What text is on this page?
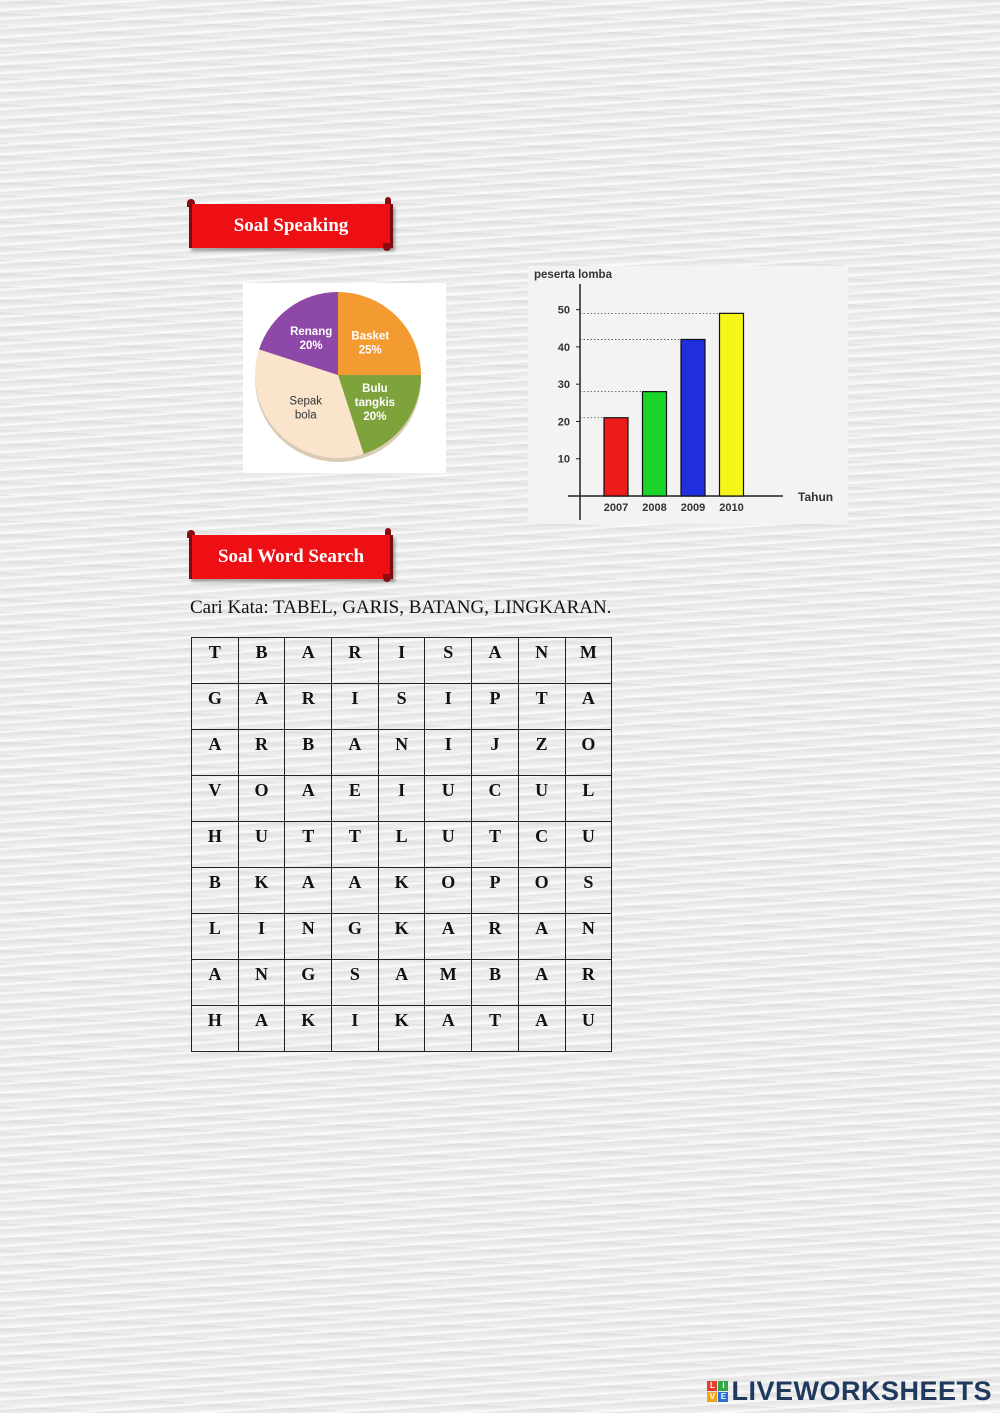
Soal Speaking
Basket
25%
Bulu
tangkis
20%
Sepak
bola
Renang
20%
peserta lomba
Tahun
10
20
30
40
50
2007 2008 2009 2010
Soal Word Search
Cari Kata: TABEL, GARIS, BATANG, LINGKARAN.
T	B	A	R	I	S	A	N	M
G	A	R	I	S	I	P	T	A
A	R	B	A	N	I	J	Z	O
V	O	A	E	I	U	C	U	L
H	U	T	T	L	U	T	C	U
B	K	A	A	K	O	P	O	S
L	I	N	G	K	A	R	A	N
A	N	G	S	A	M	B	A	R
H	A	K	I	K	A	T	A	U
L I
V E LIVEWORKSHEETS
